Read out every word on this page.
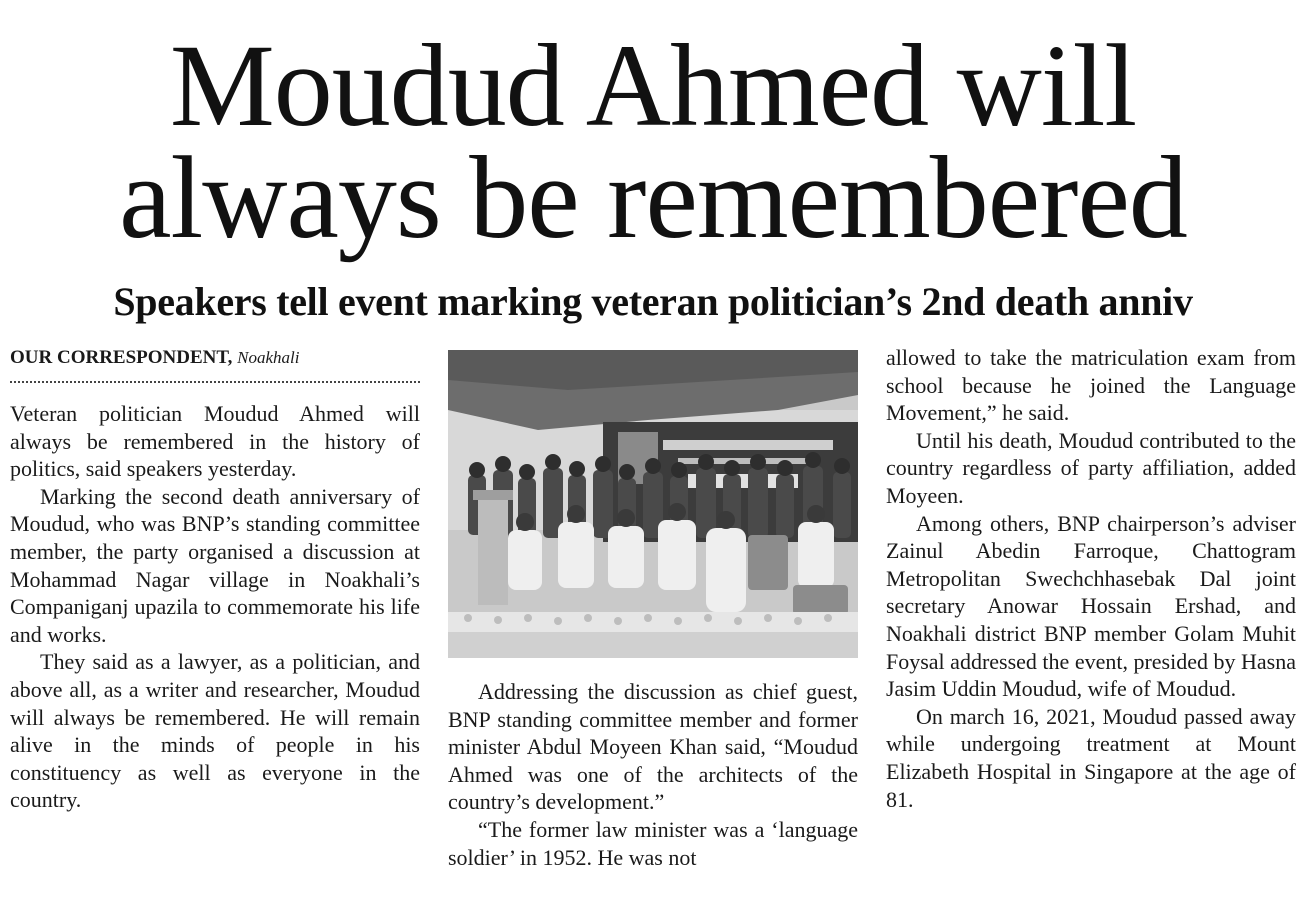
Moudud Ahmed will always be remembered
Speakers tell event marking veteran politician’s 2nd death anniv
OUR CORRESPONDENT, Noakhali

Veteran politician Moudud Ahmed will always be remembered in the history of politics, said speakers yesterday.

Marking the second death anniversary of Moudud, who was BNP’s standing committee member, the party organised a discussion at Mohammad Nagar village in Noakhali’s Companiganj upazila to commemorate his life and works.

They said as a lawyer, as a politician, and above all, as a writer and researcher, Moudud will always be remembered. He will remain alive in the minds of people in his constituency as well as everyone in the country.

Addressing the discussion as chief guest, BNP standing committee member and former minister Abdul Moyeen Khan said, “Moudud Ahmed was one of the architects of the country’s development.”

“The former law minister was a ‘language soldier’ in 1952. He was not

allowed to take the matriculation exam from school because he joined the Language Movement,” he said.

Until his death, Moudud contributed to the country regardless of party affiliation, added Moyeen.

Among others, BNP chairperson’s adviser Zainul Abedin Farroque, Chattogram Metropolitan Swechchhasebak Dal joint secretary Anowar Hossain Ershad, and Noakhali district BNP member Golam Muhit Foysal addressed the event, presided by Hasna Jasim Uddin Moudud, wife of Moudud.

On march 16, 2021, Moudud passed away while undergoing treatment at Mount Elizabeth Hospital in Singapore at the age of 81.
